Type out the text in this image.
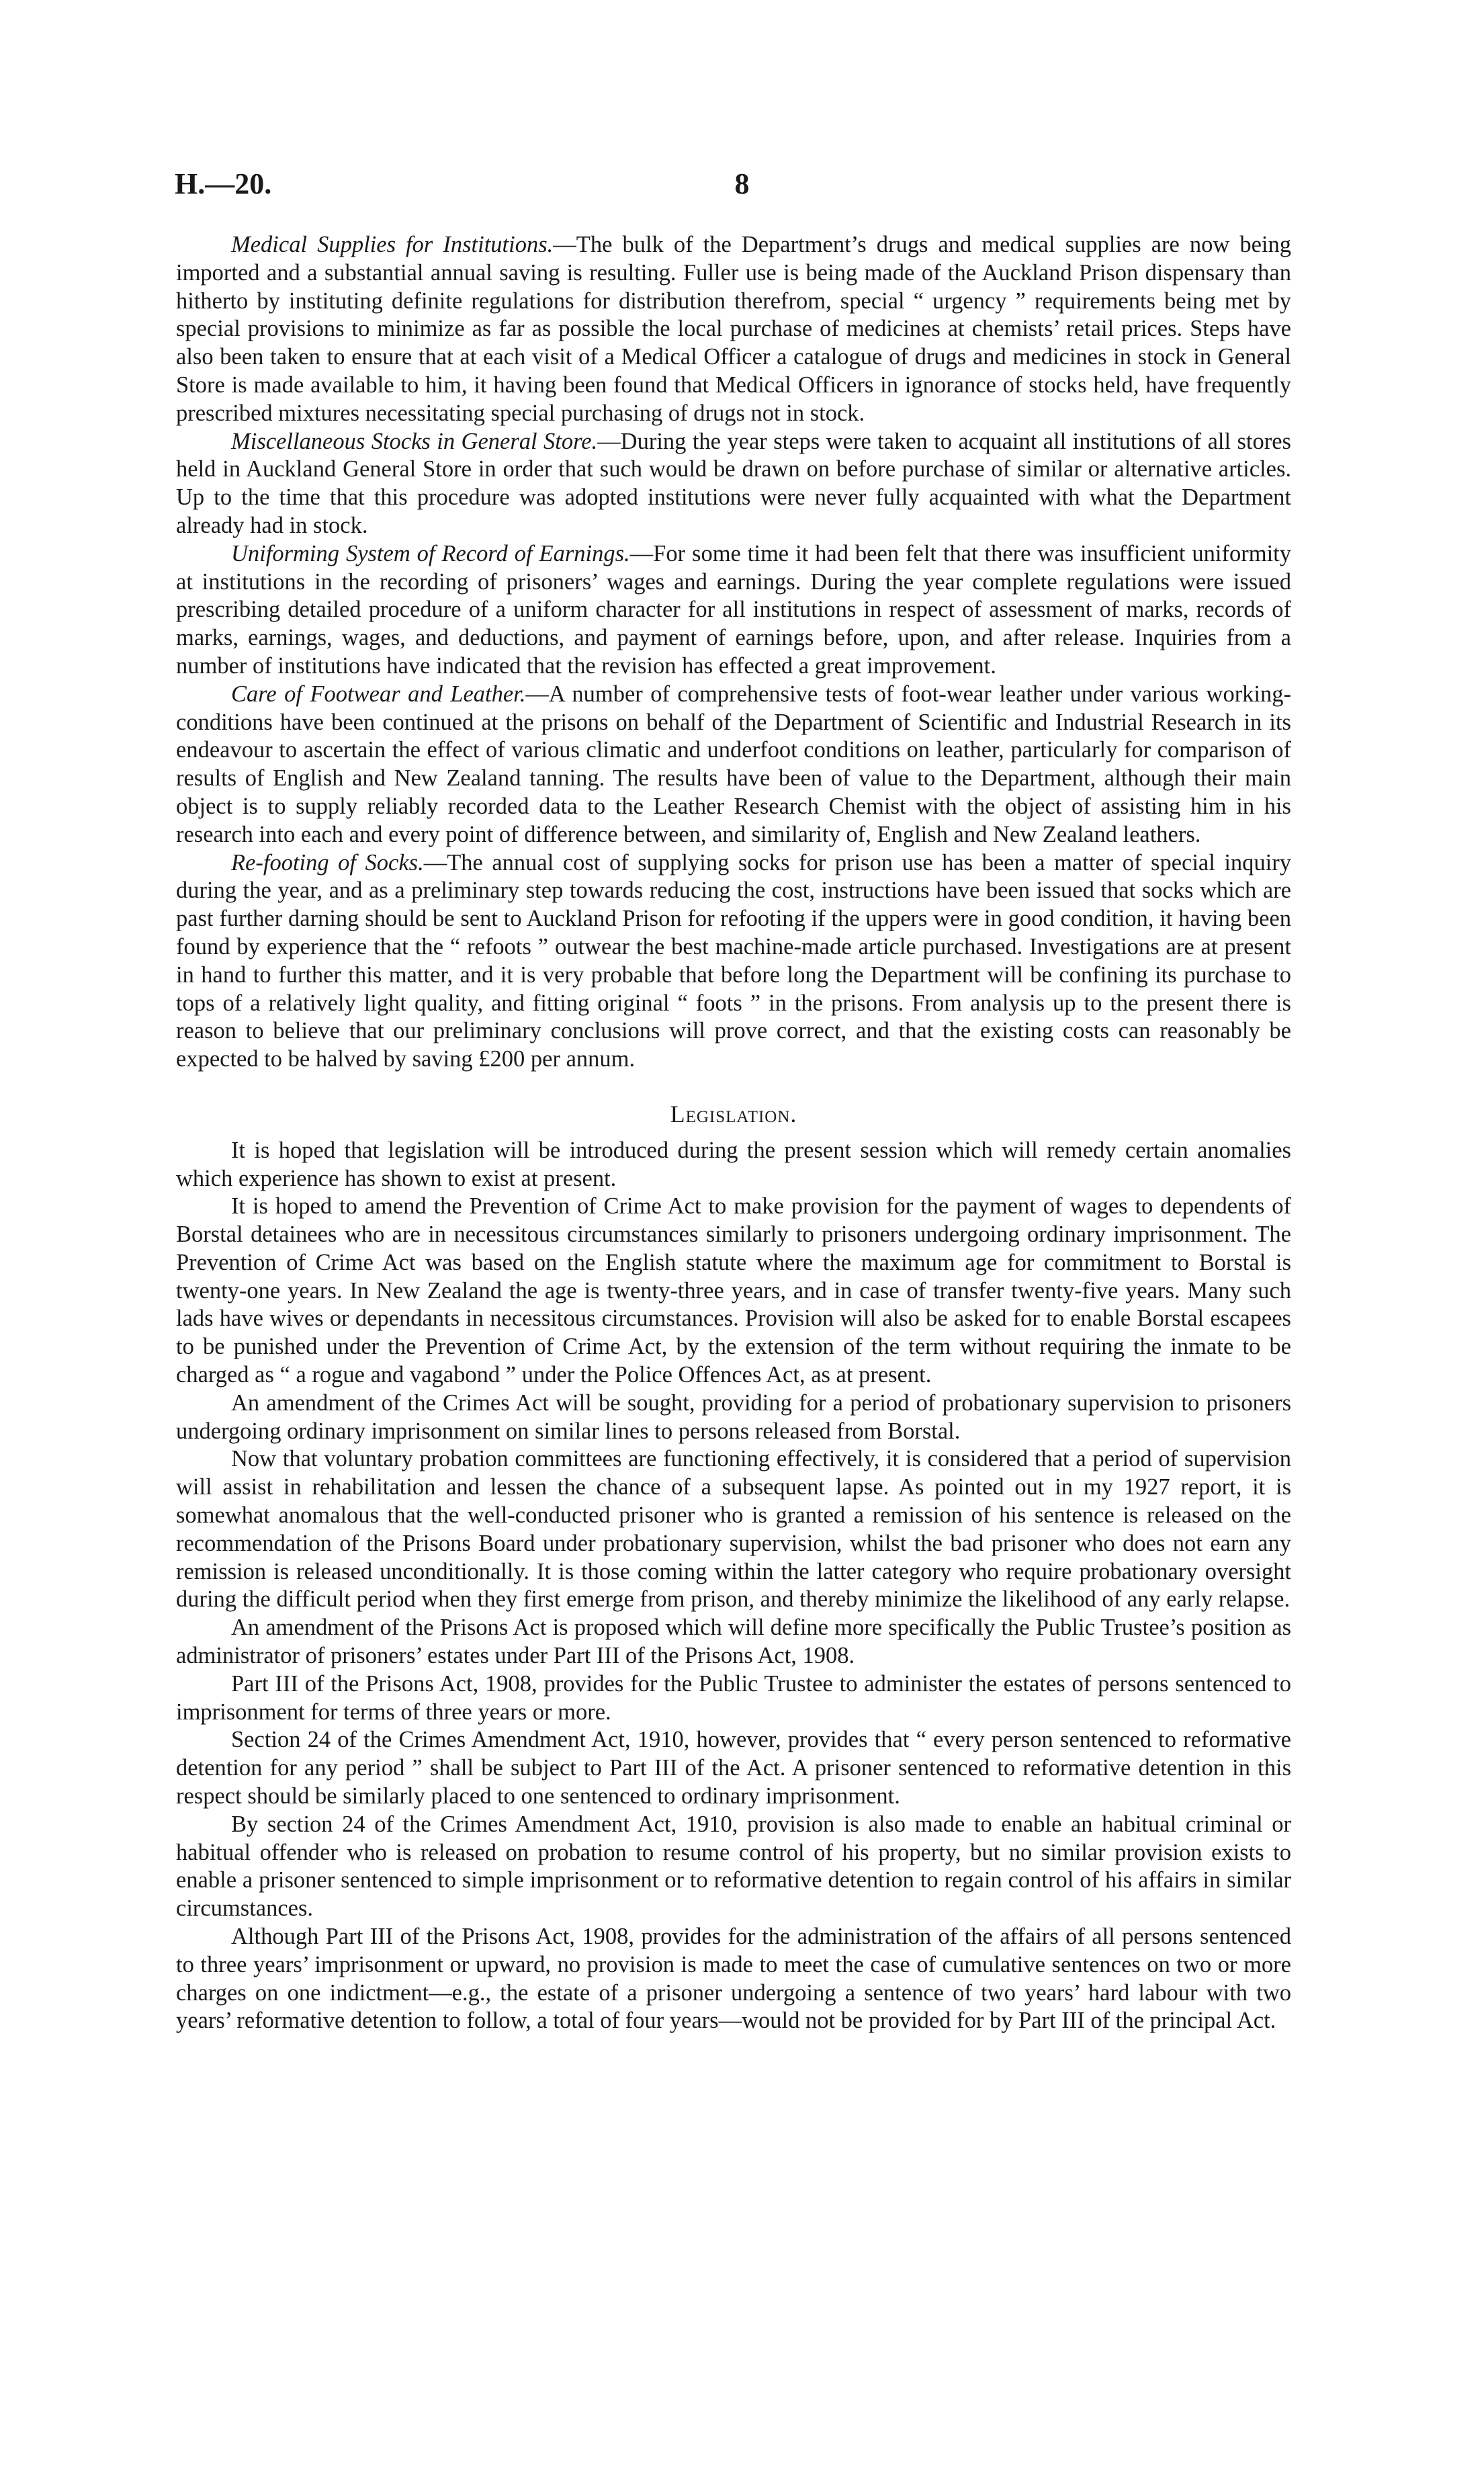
H.—20.	8

Medical Supplies for Institutions.—The bulk of the Department’s drugs and medical supplies are now being imported and a substantial annual saving is resulting. Fuller use is being made of the Auckland Prison dispensary than hitherto by instituting definite regulations for distribution therefrom, special “ urgency ” requirements being met by special provisions to minimize as far as possible the local purchase of medicines at chemists’ retail prices. Steps have also been taken to ensure that at each visit of a Medical Officer a catalogue of drugs and medicines in stock in General Store is made available to him, it having been found that Medical Officers in ignorance of stocks held, have frequently prescribed mixtures necessitating special purchasing of drugs not in stock.

Miscellaneous Stocks in General Store.—During the year steps were taken to acquaint all institutions of all stores held in Auckland General Store in order that such would be drawn on before purchase of similar or alternative articles. Up to the time that this procedure was adopted institutions were never fully acquainted with what the Department already had in stock.

Uniforming System of Record of Earnings.—For some time it had been felt that there was insufficient uniformity at institutions in the recording of prisoners’ wages and earnings. During the year complete regulations were issued prescribing detailed procedure of a uniform character for all institutions in respect of assessment of marks, records of marks, earnings, wages, and deductions, and payment of earnings before, upon, and after release. Inquiries from a number of institutions have indicated that the revision has effected a great improvement.

Care of Footwear and Leather.—A number of comprehensive tests of foot-wear leather under various working-conditions have been continued at the prisons on behalf of the Department of Scientific and Industrial Research in its endeavour to ascertain the effect of various climatic and underfoot conditions on leather, particularly for comparison of results of English and New Zealand tanning. The results have been of value to the Department, although their main object is to supply reliably recorded data to the Leather Research Chemist with the object of assisting him in his research into each and every point of difference between, and similarity of, English and New Zealand leathers.

Re-footing of Socks.—The annual cost of supplying socks for prison use has been a matter of special inquiry during the year, and as a preliminary step towards reducing the cost, instructions have been issued that socks which are past further darning should be sent to Auckland Prison for refooting if the uppers were in good condition, it having been found by experience that the “ refoots ” outwear the best machine-made article purchased. Investigations are at present in hand to further this matter, and it is very probable that before long the Department will be confining its purchase to tops of a relatively light quality, and fitting original “ foots ” in the prisons. From analysis up to the present there is reason to believe that our preliminary conclusions will prove correct, and that the existing costs can reasonably be expected to be halved by saving £200 per annum.

Legislation.

It is hoped that legislation will be introduced during the present session which will remedy certain anomalies which experience has shown to exist at present.

It is hoped to amend the Prevention of Crime Act to make provision for the payment of wages to dependents of Borstal detainees who are in necessitous circumstances similarly to prisoners undergoing ordinary imprisonment. The Prevention of Crime Act was based on the English statute where the maximum age for commitment to Borstal is twenty-one years. In New Zealand the age is twenty-three years, and in case of transfer twenty-five years. Many such lads have wives or dependants in necessitous circumstances. Provision will also be asked for to enable Borstal escapees to be punished under the Prevention of Crime Act, by the extension of the term without requiring the inmate to be charged as “ a rogue and vagabond ” under the Police Offences Act, as at present.

An amendment of the Crimes Act will be sought, providing for a period of probationary supervision to prisoners undergoing ordinary imprisonment on similar lines to persons released from Borstal.

Now that voluntary probation committees are functioning effectively, it is considered that a period of supervision will assist in rehabilitation and lessen the chance of a subsequent lapse. As pointed out in my 1927 report, it is somewhat anomalous that the well-conducted prisoner who is granted a remission of his sentence is released on the recommendation of the Prisons Board under probationary supervision, whilst the bad prisoner who does not earn any remission is released unconditionally. It is those coming within the latter category who require probationary oversight during the difficult period when they first emerge from prison, and thereby minimize the likelihood of any early relapse.

An amendment of the Prisons Act is proposed which will define more specifically the Public Trustee’s position as administrator of prisoners’ estates under Part III of the Prisons Act, 1908.

Part III of the Prisons Act, 1908, provides for the Public Trustee to administer the estates of persons sentenced to imprisonment for terms of three years or more.

Section 24 of the Crimes Amendment Act, 1910, however, provides that “ every person sentenced to reformative detention for any period ” shall be subject to Part III of the Act. A prisoner sentenced to reformative detention in this respect should be similarly placed to one sentenced to ordinary imprisonment.

By section 24 of the Crimes Amendment Act, 1910, provision is also made to enable an habitual criminal or habitual offender who is released on probation to resume control of his property, but no similar provision exists to enable a prisoner sentenced to simple imprisonment or to reformative detention to regain control of his affairs in similar circumstances.

Although Part III of the Prisons Act, 1908, provides for the administration of the affairs of all persons sentenced to three years’ imprisonment or upward, no provision is made to meet the case of cumulative sentences on two or more charges on one indictment—e.g., the estate of a prisoner undergoing a sentence of two years’ hard labour with two years’ reformative detention to follow, a total of four years—would not be provided for by Part III of the principal Act.
